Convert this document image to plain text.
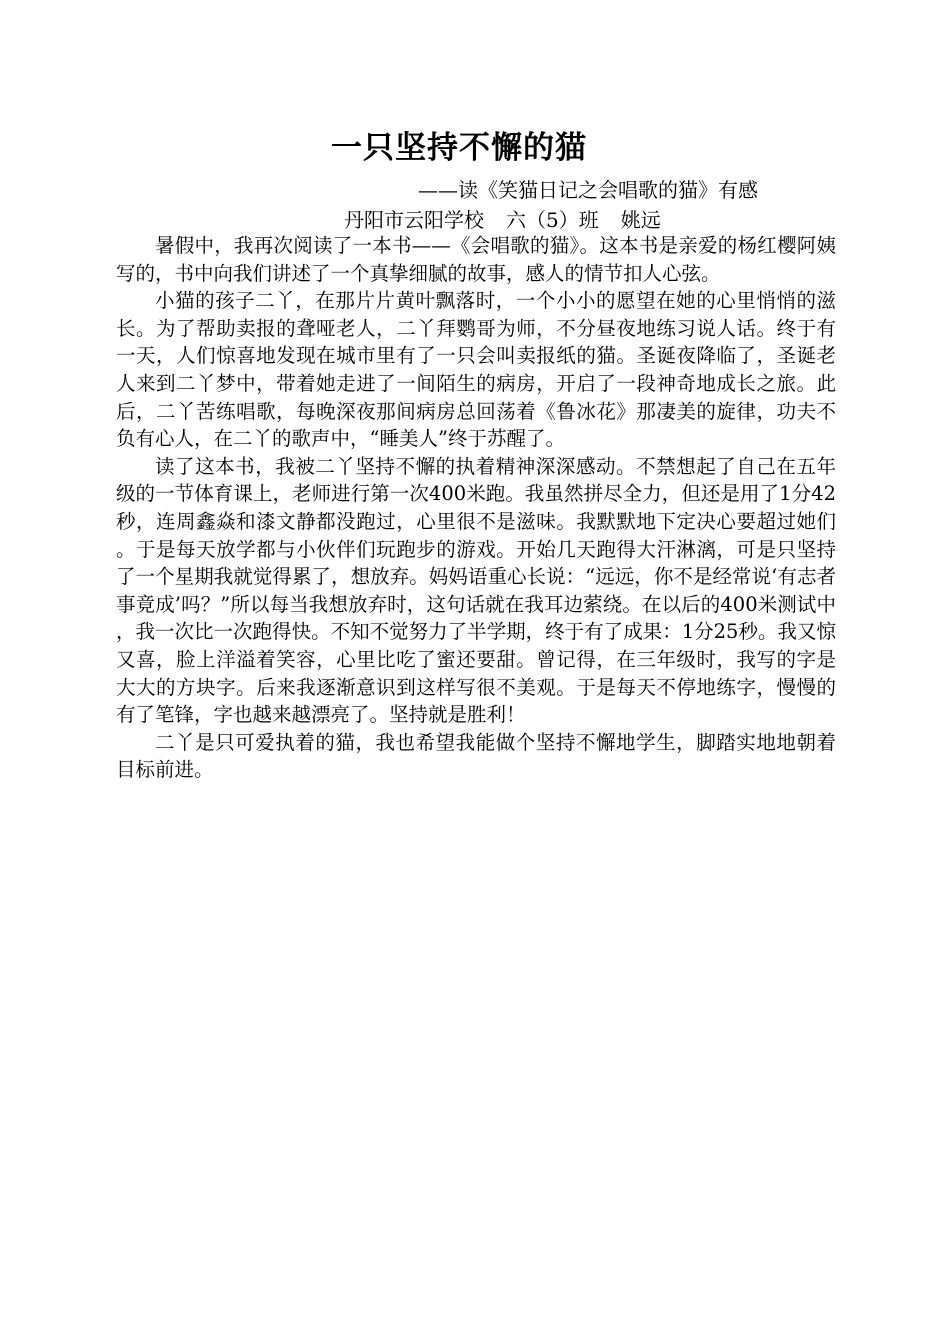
一只坚持不懈的猫
——读《笑猫日记之会唱歌的猫》有感
丹阳市云阳学校 六（5）班 姚远

暑假中，我再次阅读了一本书——《会唱歌的猫》。这本书是亲爱的杨红樱阿姨写的，书中向我们讲述了一个真挚细腻的故事，感人的情节扣人心弦。

小猫的孩子二丫，在那片片黄叶飘落时，一个小小的愿望在她的心里悄悄的滋长。为了帮助卖报的聋哑老人，二丫拜鹦哥为师，不分昼夜地练习说人话。终于有一天，人们惊喜地发现在城市里有了一只会叫卖报纸的猫。圣诞夜降临了，圣诞老人来到二丫梦中，带着她走进了一间陌生的病房，开启了一段神奇地成长之旅。此后，二丫苦练唱歌，每晚深夜那间病房总回荡着《鲁冰花》那凄美的旋律，功夫不负有心人，在二丫的歌声中，“睡美人”终于苏醒了。

读了这本书，我被二丫坚持不懈的执着精神深深感动。不禁想起了自己在五年级的一节体育课上，老师进行第一次400米跑。我虽然拼尽全力，但还是用了1分42秒，连周鑫焱和漆文静都没跑过，心里很不是滋味。我默默地下定决心要超过她们。于是每天放学都与小伙伴们玩跑步的游戏。开始几天跑得大汗淋漓，可是只坚持了一个星期我就觉得累了，想放弃。妈妈语重心长说：“远远，你不是经常说‘有志者事竟成’吗？”所以每当我想放弃时，这句话就在我耳边萦绕。在以后的400米测试中，我一次比一次跑得快。不知不觉努力了半学期，终于有了成果：1分25秒。我又惊又喜，脸上洋溢着笑容，心里比吃了蜜还要甜。曾记得，在三年级时，我写的字是大大的方块字。后来我逐渐意识到这样写很不美观。于是每天不停地练字，慢慢的有了笔锋，字也越来越漂亮了。坚持就是胜利！

二丫是只可爱执着的猫，我也希望我能做个坚持不懈地学生，脚踏实地地朝着目标前进。
